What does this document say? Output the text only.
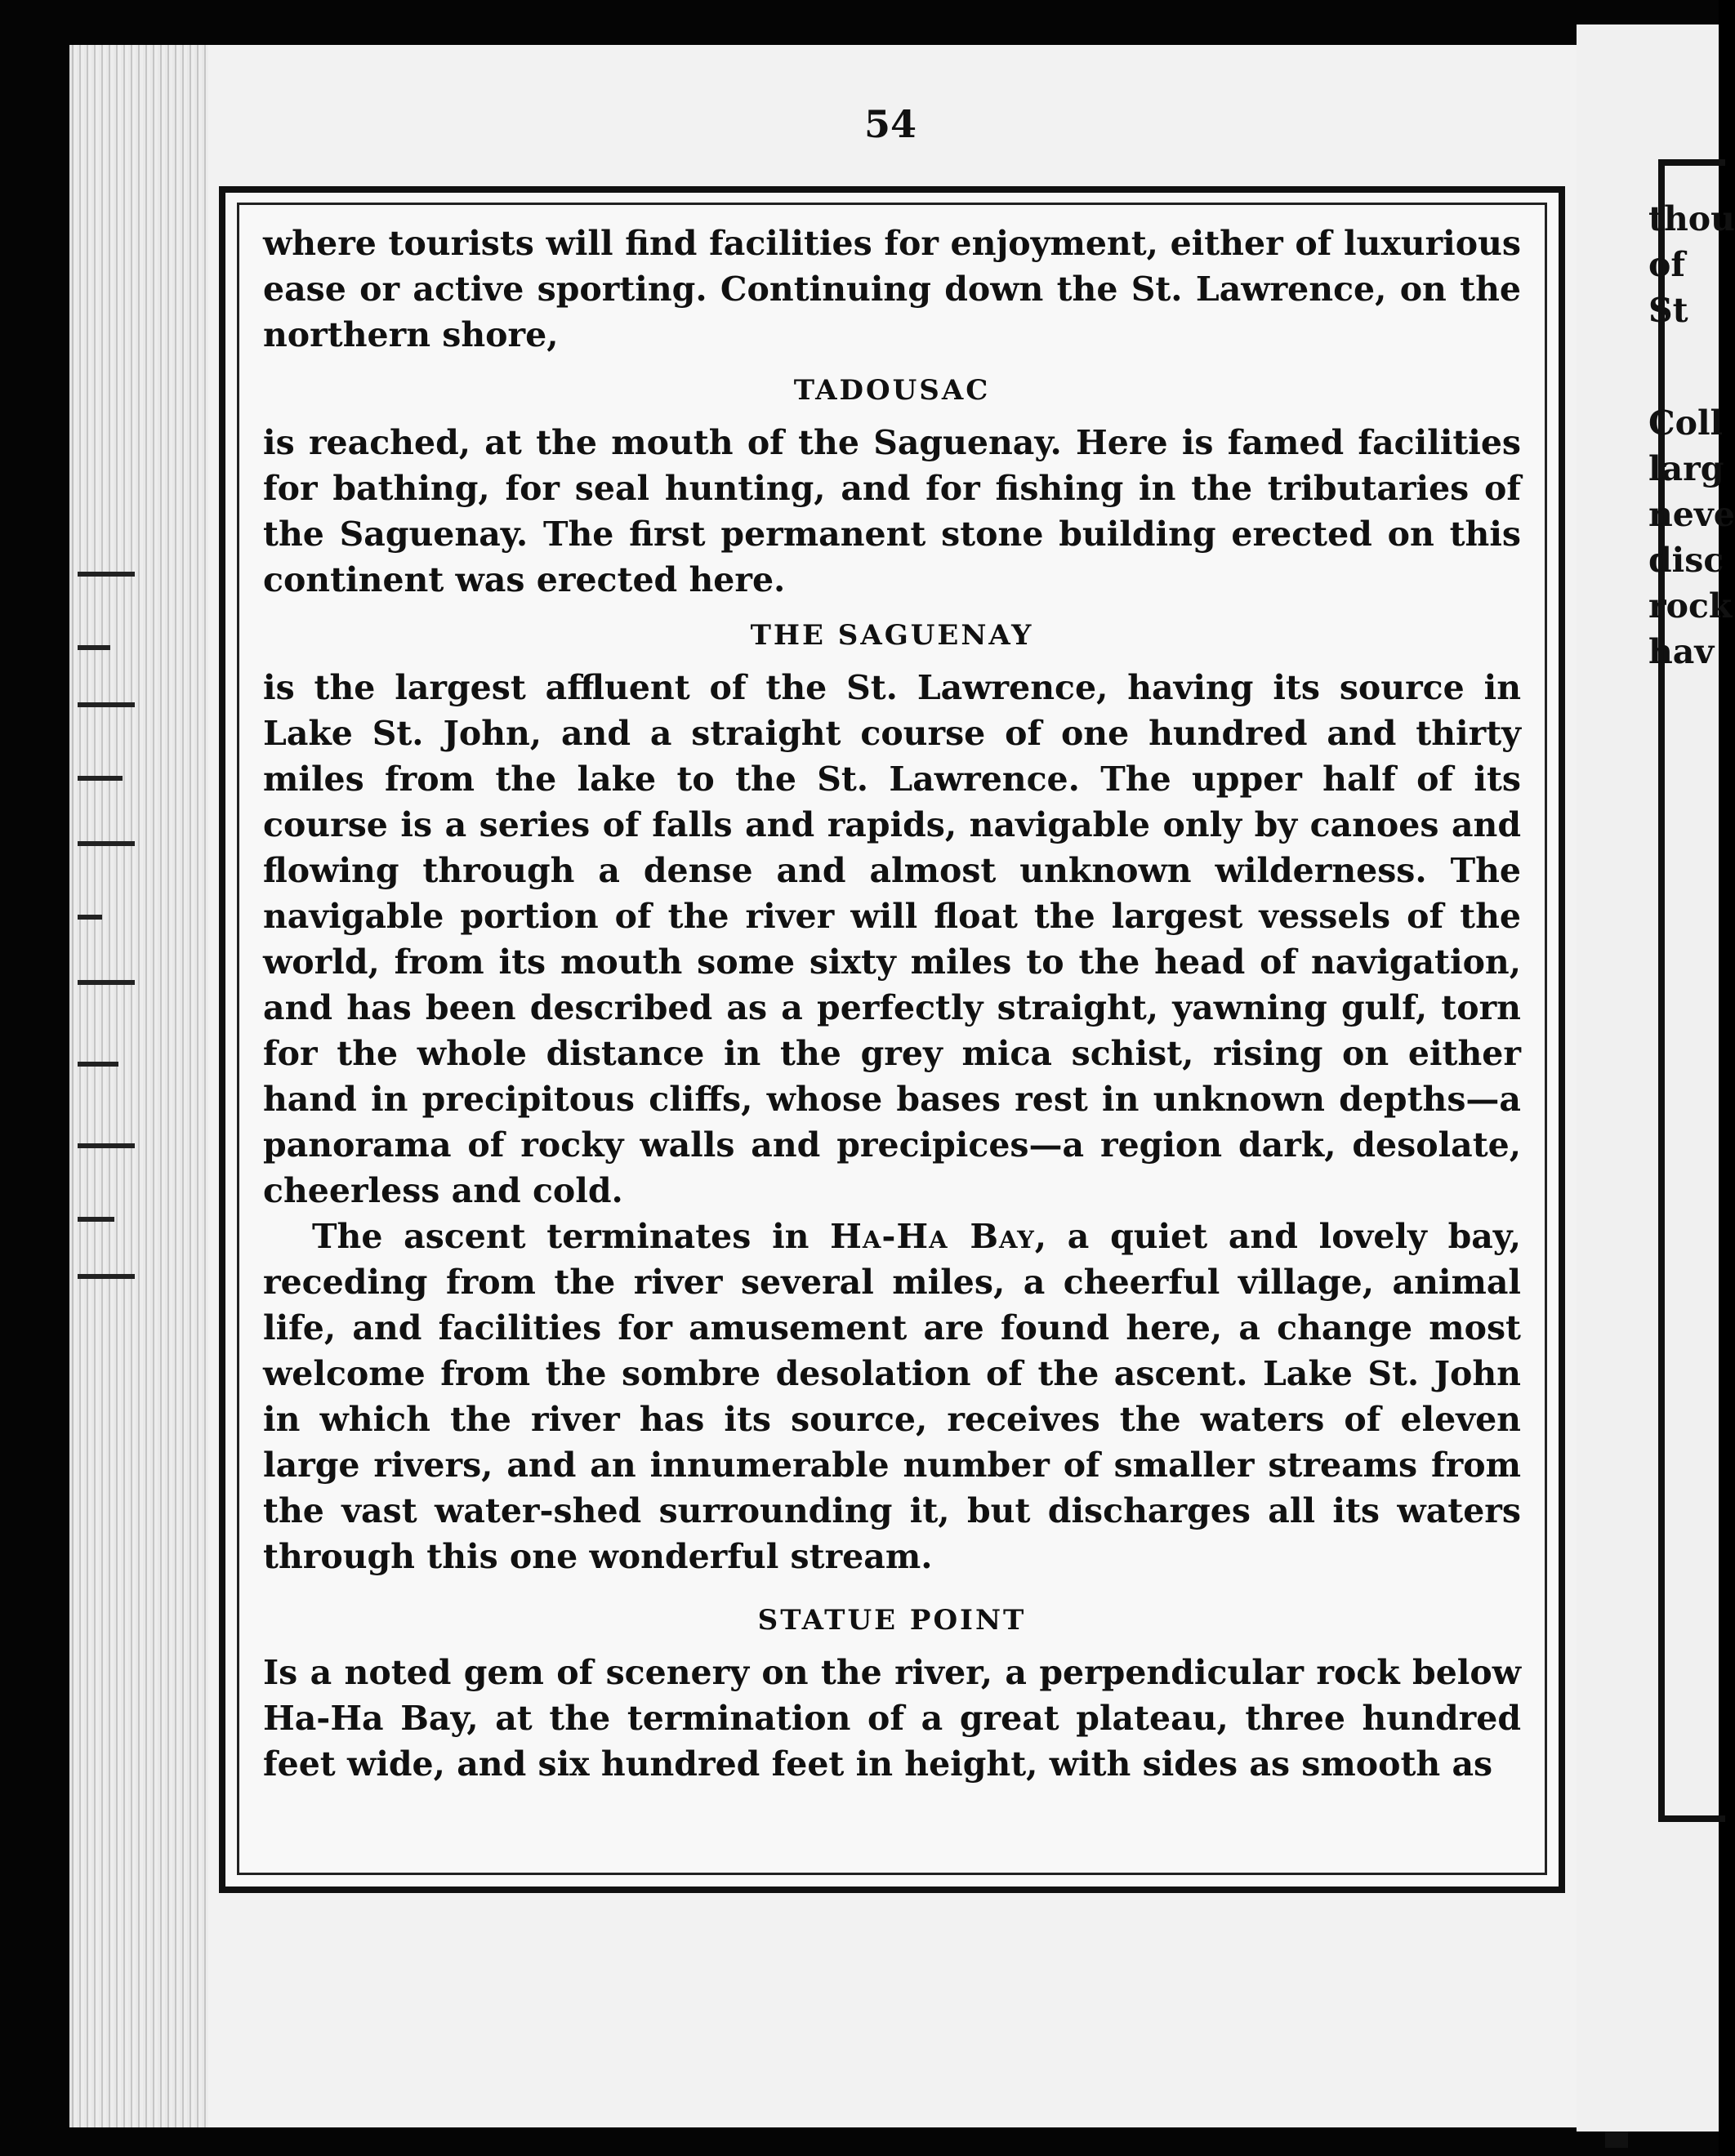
54

where tourists will find facilities for enjoyment, either of luxurious ease or active sporting. Continuing down the St. Lawrence, on the northern shore,

TADOUSAC

is reached, at the mouth of the Saguenay. Here is famed facilities for bathing, for seal hunting, and for fishing in the tributaries of the Saguenay. The first permanent stone building erected on this continent was erected here.

THE SAGUENAY

is the largest affluent of the St. Lawrence, having its source in Lake St. John, and a straight course of one hundred and thirty miles from the lake to the St. Lawrence. The upper half of its course is a series of falls and rapids, navigable only by canoes and flowing through a dense and almost unknown wilderness. The navigable portion of the river will float the largest vessels of the world, from its mouth some sixty miles to the head of navigation, and has been described as a perfectly straight, yawning gulf, torn for the whole distance in the grey mica schist, rising on either hand in precipitous cliffs, whose bases rest in unknown depths—a panorama of rocky walls and precipices—a region dark, desolate, cheerless and cold.

The ascent terminates in Ha-Ha Bay, a quiet and lovely bay, receding from the river several miles, a cheerful village, animal life, and facilities for amusement are found here, a change most welcome from the sombre desolation of the ascent. Lake St. John in which the river has its source, receives the waters of eleven large rivers, and an innumerable number of smaller streams from the vast water-shed surrounding it, but discharges all its waters through this one wonderful stream.

STATUE POINT

Is a noted gem of scenery on the river, a perpendicular rock below Ha-Ha Bay, at the termination of a great plateau, three hundred feet wide, and six hundred feet in height, with sides as smooth as

thou
of St
Coll
larg
neve
disc
rock
hav
